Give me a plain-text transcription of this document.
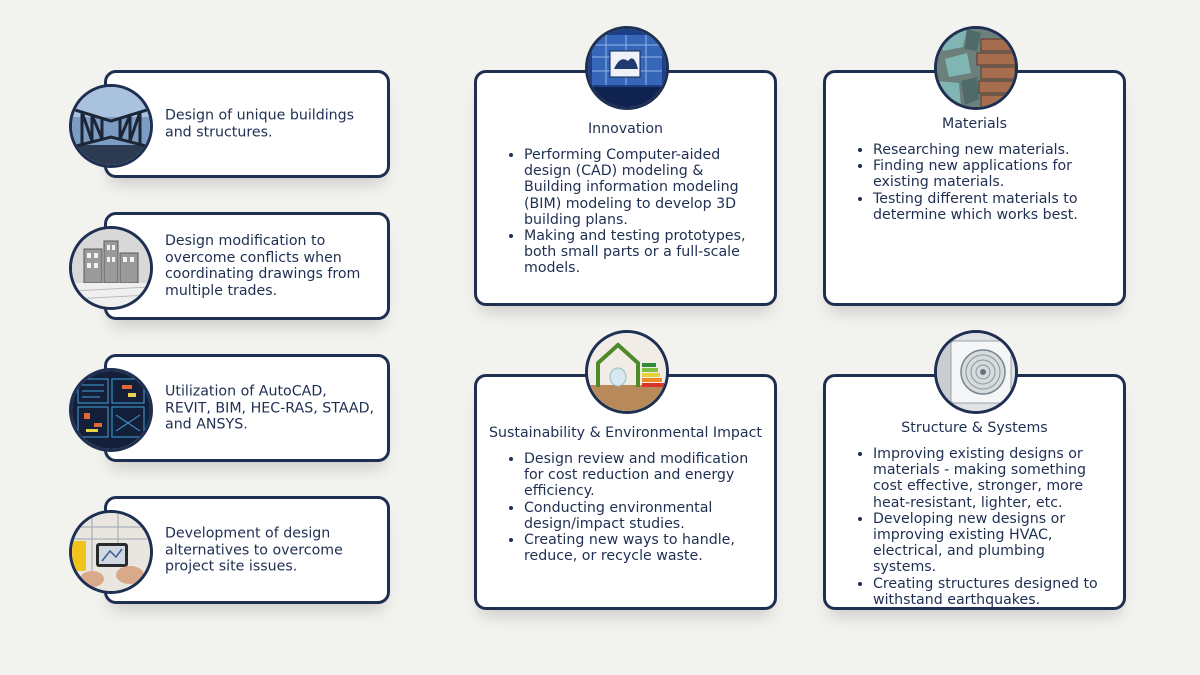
Design of unique buildings and structures.
Design modification to overcome conflicts when coordinating drawings from multiple trades.
Utilization of AutoCAD, REVIT, BIM, HEC-RAS, STAAD, and ANSYS.
Development of design alternatives to overcome project site issues.
Innovation
• Performing Computer-aided design (CAD) modeling & Building information modeling (BIM) modeling to develop 3D building plans.
• Making and testing prototypes, both small parts or a full-scale models.
Materials
• Researching new materials.
• Finding new applications for existing materials.
• Testing different materials to determine which works best.
Sustainability & Environmental Impact
• Design review and modification for cost reduction and energy efficiency.
• Conducting environmental design/impact studies.
• Creating new ways to handle, reduce, or recycle waste.
Structure & Systems
• Improving existing designs or materials - making something cost effective, stronger, more heat-resistant, lighter, etc.
• Developing new designs or improving existing HVAC, electrical, and plumbing systems.
• Creating structures designed to withstand earthquakes.
